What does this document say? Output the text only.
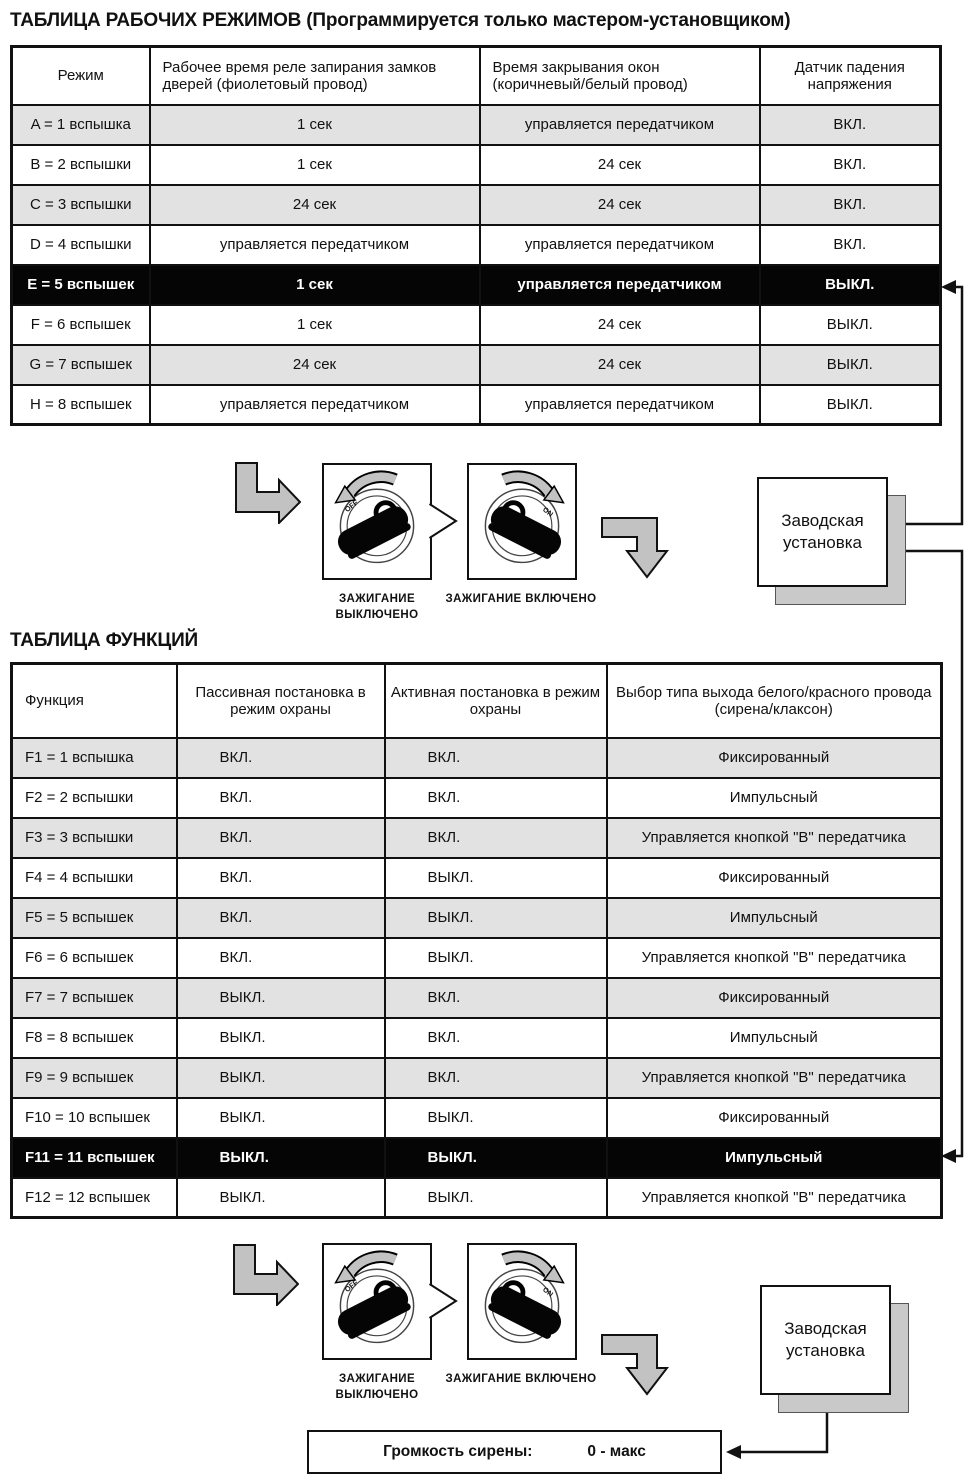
ТАБЛИЦА РАБОЧИХ РЕЖИМОВ (Программируется только мастером-установщиком)
ТАБЛИЦА ФУНКЦИЙ
Режим	Рабочее время реле запирания замков дверей (фиолетовый провод)	Время закрывания окон (коричневый/белый провод)	Датчик падения напряжения
A = 1 вспышка	1 сек	управляется передатчиком	ВКЛ.
B = 2 вспышки	1 сек	24 сек	ВКЛ.
C = 3 вспышки	24 сек	24 сек	ВКЛ.
D = 4 вспышки	управляется передатчиком	управляется передатчиком	ВКЛ.
E = 5 вспышек	1 сек	управляется передатчиком	ВЫКЛ.
F = 6 вспышек	1 сек	24 сек	ВЫКЛ.
G = 7 вспышек	24 сек	24 сек	ВЫКЛ.
H = 8 вспышек	управляется передатчиком	управляется передатчиком	ВЫКЛ.
Функция	Пассивная постановка в режим охраны	Активная постановка в режим охраны	Выбор типа выхода белого/красного провода (сирена/клаксон)
F1 = 1 вспышка	ВКЛ.	ВКЛ.	Фиксированный
F2 = 2 вспышки	ВКЛ.	ВКЛ.	Импульсный
F3 = 3 вспышки	ВКЛ.	ВКЛ.	Управляется кнопкой "B" передатчика
F4 = 4 вспышки	ВКЛ.	ВЫКЛ.	Фиксированный
F5 = 5 вспышек	ВКЛ.	ВЫКЛ.	Импульсный
F6 = 6 вспышек	ВКЛ.	ВЫКЛ.	Управляется кнопкой "B" передатчика
F7 = 7 вспышек	ВЫКЛ.	ВКЛ.	Фиксированный
F8 = 8 вспышек	ВЫКЛ.	ВКЛ.	Импульсный
F9 = 9 вспышек	ВЫКЛ.	ВКЛ.	Управляется кнопкой "B" передатчика
F10 = 10 вспышек	ВЫКЛ.	ВЫКЛ.	Фиксированный
F11 = 11 вспышек	ВЫКЛ.	ВЫКЛ.	Импульсный
F12 = 12 вспышек	ВЫКЛ.	ВЫКЛ.	Управляется кнопкой "B" передатчика
OFF	ON
ЗАЖИГАНИЕ ВЫКЛЮЧЕНО
ЗАЖИГАНИЕ ВКЛЮЧЕНО
Заводская установка
OFF	ON
ЗАЖИГАНИЕ ВЫКЛЮЧЕНО
ЗАЖИГАНИЕ ВКЛЮЧЕНО
Заводская установка
Громкость сирены:	0 - макс
